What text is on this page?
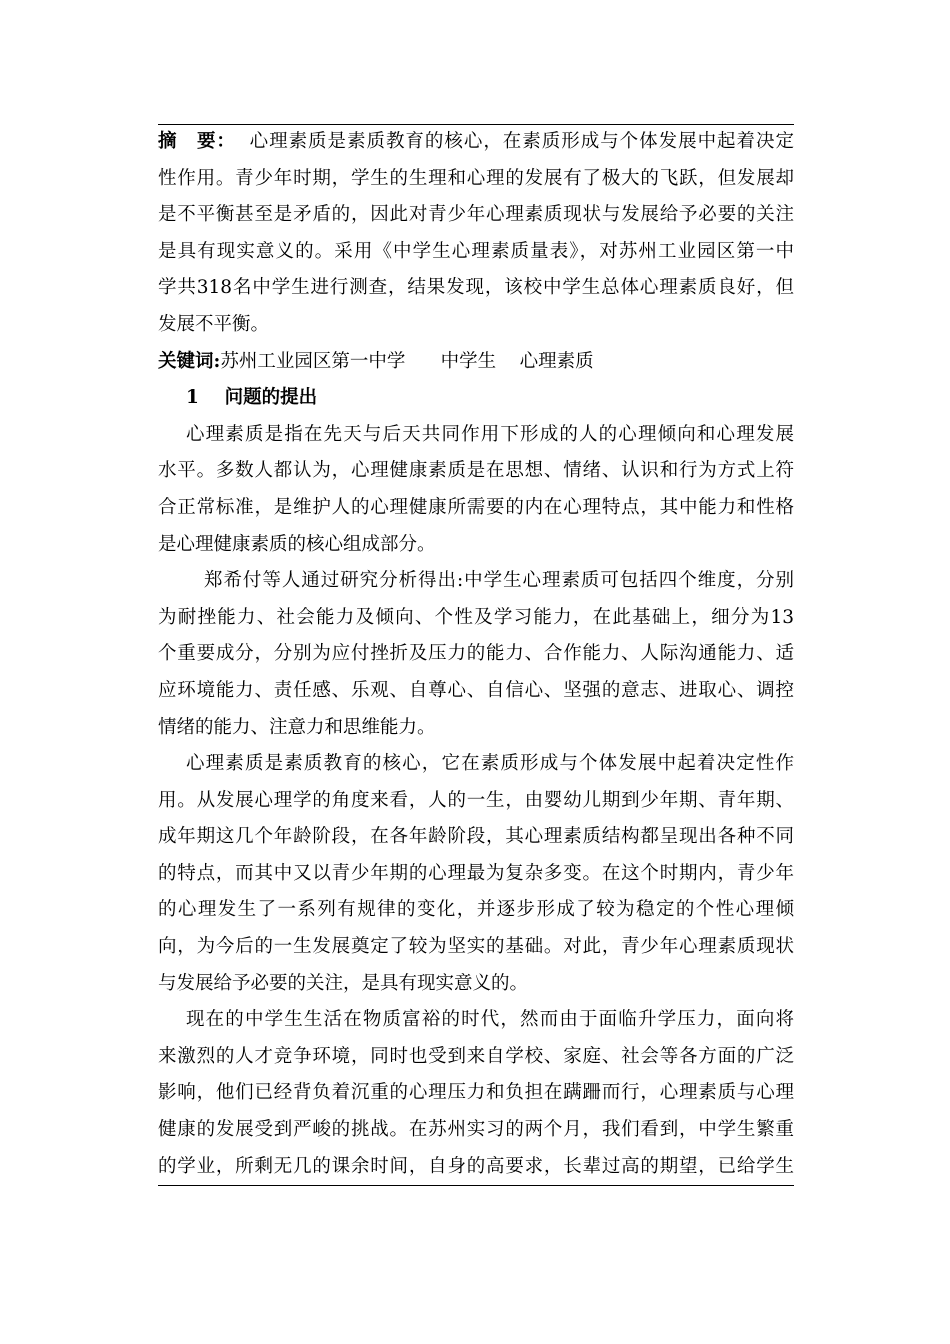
摘　要： 心理素质是素质教育的核心，在素质形成与个体发展中起着决定

性作用。青少年时期，学生的生理和心理的发展有了极大的飞跃，但发展却

是不平衡甚至是矛盾的，因此对青少年心理素质现状与发展给予必要的关注

是具有现实意义的。采用《中学生心理素质量表》，对苏州工业园区第一中

学共318名中学生进行测查，结果发现，该校中学生总体心理素质良好，但

发展不平衡。

关键词:苏州工业园区第一中学      中学生    心理素质

1    问题的提出

心理素质是指在先天与后天共同作用下形成的人的心理倾向和心理发展

水平。多数人都认为，心理健康素质是在思想、情绪、认识和行为方式上符

合正常标准，是维护人的心理健康所需要的内在心理特点，其中能力和性格

是心理健康素质的核心组成部分。

郑希付等人通过研究分析得出:中学生心理素质可包括四个维度，分别

为耐挫能力、社会能力及倾向、个性及学习能力，在此基础上，细分为13

个重要成分，分别为应付挫折及压力的能力、合作能力、人际沟通能力、适

应环境能力、责任感、乐观、自尊心、自信心、坚强的意志、进取心、调控

情绪的能力、注意力和思维能力。

心理素质是素质教育的核心，它在素质形成与个体发展中起着决定性作

用。从发展心理学的角度来看，人的一生，由婴幼儿期到少年期、青年期、

成年期这几个年龄阶段，在各年龄阶段，其心理素质结构都呈现出各种不同

的特点，而其中又以青少年期的心理最为复杂多变。在这个时期内，青少年

的心理发生了一系列有规律的变化，并逐步形成了较为稳定的个性心理倾

向，为今后的一生发展奠定了较为坚实的基础。对此，青少年心理素质现状

与发展给予必要的关注，是具有现实意义的。

现在的中学生生活在物质富裕的时代，然而由于面临升学压力，面向将

来激烈的人才竞争环境，同时也受到来自学校、家庭、社会等各方面的广泛

影响，他们已经背负着沉重的心理压力和负担在蹒跚而行，心理素质与心理

健康的发展受到严峻的挑战。在苏州实习的两个月，我们看到，中学生繁重

的学业，所剩无几的课余时间，自身的高要求，长辈过高的期望，已给学生
